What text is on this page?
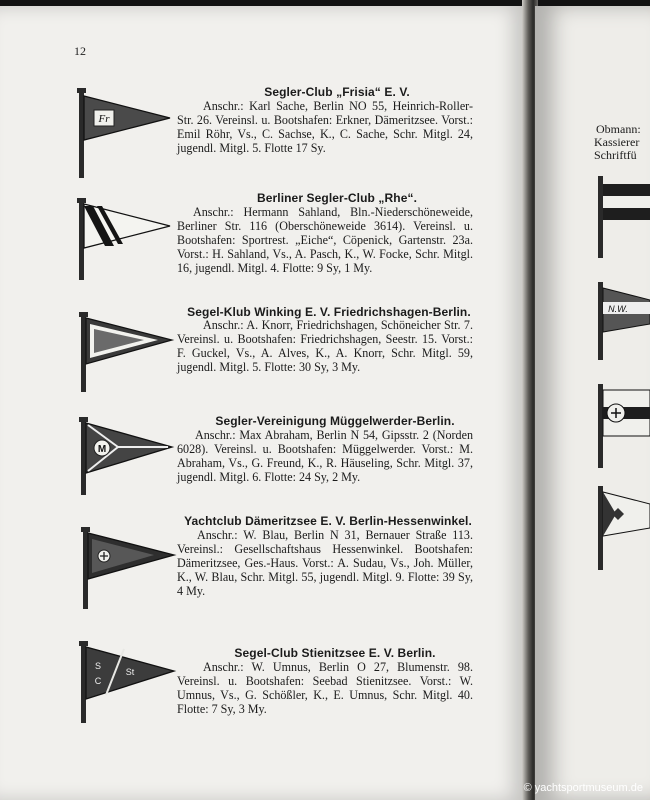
12
Fr
Segler-Club „Frisia“ E. V.
Anschr.: Karl Sache, Berlin NO 55, Heinrich-Roller-Str. 26. Vereinsl. u. Bootshafen: Erkner, Dämeritzsee. Vorst.: Emil Röhr, Vs., C. Sachse, K., C. Sache, Schr. Mitgl. 24, jugendl. Mitgl. 5. Flotte 17 Sy.
Berliner Segler-Club „Rhe“.
Anschr.: Hermann Sahland, Bln.-Niederschöneweide, Berliner Str. 116 (Oberschöneweide 3614). Vereinsl. u. Bootshafen: Sportrest. „Eiche“, Cöpenick, Gartenstr. 23a. Vorst.: H. Sahland, Vs., A. Pasch, K., W. Focke, Schr. Mitgl. 16, jugendl. Mitgl. 4. Flotte: 9 Sy, 1 My.
Segel-Klub Winking E. V. Friedrichshagen-Berlin.
Anschr.: A. Knorr, Friedrichshagen, Schöneicher Str. 7. Vereinsl. u. Bootshafen: Friedrichshagen, Seestr. 15. Vorst.: F. Guckel, Vs., A. Alves, K., A. Knorr, Schr. Mitgl. 59, jugendl. Mitgl. 5. Flotte: 30 Sy, 3 My.
M
Segler-Vereinigung Müggelwerder-Berlin.
Anschr.: Max Abraham, Berlin N 54, Gipsstr. 2 (Norden 6028). Vereinsl. u. Bootshafen: Müggelwerder. Vorst.: M. Abraham, Vs., G. Freund, K., R. Häuseling, Schr. Mitgl. 37, jugendl. Mitgl. 6. Flotte: 24 Sy, 2 My.
Yachtclub Dämeritzsee E. V. Berlin-Hessenwinkel.
Anschr.: W. Blau, Berlin N 31, Bernauer Straße 113. Vereinsl.: Gesellschaftshaus Hessenwinkel. Bootshafen: Dämeritzsee, Ges.-Haus. Vorst.: A. Sudau, Vs., Joh. Müller, K., W. Blau, Schr. Mitgl. 55, jugendl. Mitgl. 9. Flotte: 39 Sy, 4 My.
S
C
St
Segel-Club Stienitzsee E. V. Berlin.
Anschr.: W. Umnus, Berlin O 27, Blumenstr. 98. Vereinsl. u. Bootshafen: Seebad Stienitzsee. Vorst.: W. Umnus, Vs., G. Schößler, K., E. Umnus, Schr. Mitgl. 40. Flotte: 7 Sy, 3 My.
Obmann:
Kassierer
Schriftfü
N.W.
© yachtsportmuseum.de
